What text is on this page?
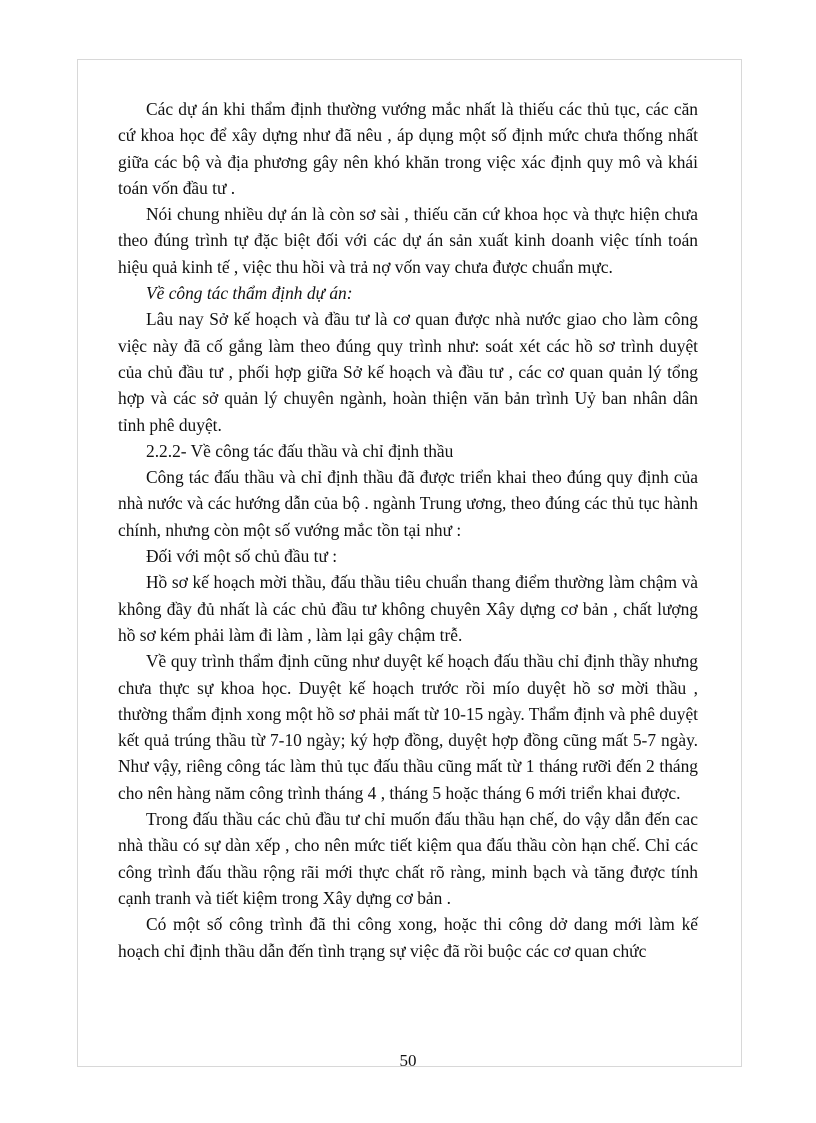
Các dự án khi thẩm định thường vướng mắc nhất là thiếu các thủ tục, các căn cứ khoa học để xây dựng như đã nêu , áp dụng một số định mức chưa thống nhất giữa các bộ và địa phương gây nên khó khăn trong việc xác định quy mô và khái toán vốn đầu tư .

Nói chung nhiều dự án là còn sơ sài , thiếu căn cứ khoa học và thực hiện chưa theo đúng trình tự đặc biệt đối với các dự án sản xuất kinh doanh việc tính toán hiệu quả kinh tế , việc thu hồi và trả nợ vốn vay chưa được chuẩn mực.

Về công tác thẩm định dự án:

Lâu nay Sở kế hoạch và đầu tư là cơ quan được nhà nước giao cho làm công việc này đã cố gắng làm theo đúng quy trình như: soát xét các hồ sơ trình duyệt của chủ đầu tư , phối hợp giữa Sở kế hoạch và đầu tư , các cơ quan quản lý tổng hợp và các sở quản lý chuyên ngành, hoàn thiện văn bản trình Uỷ ban nhân dân tỉnh phê duyệt.

2.2.2- Về công tác đấu thầu và chỉ định thầu

Công tác đấu thầu và chỉ định thầu đã được triển khai theo đúng quy định của nhà nước và các hướng dẫn của bộ . ngành Trung ương, theo đúng các thủ tục hành chính, nhưng còn một số vướng mắc tồn tại như :

Đối với một số chủ đầu tư :

Hồ sơ kế hoạch mời thầu, đấu thầu tiêu chuẩn thang điểm thường làm chậm và không đầy đủ nhất là các chủ đầu tư không chuyên Xây dựng cơ bản , chất lượng hồ sơ kém phải làm đi làm , làm lại gây chậm trễ.

Về quy trình thẩm định cũng như duyệt kế hoạch đấu thầu chỉ định thầy nhưng chưa thực sự khoa học. Duyệt kế hoạch trước rồi mío duyệt hồ sơ mời thầu , thường thẩm định xong một hồ sơ phải mất từ 10-15 ngày. Thẩm định và phê duyệt kết quả trúng thầu từ 7-10 ngày; ký hợp đồng, duyệt hợp đồng cũng mất 5-7 ngày. Như vậy, riêng công tác làm thủ tục đấu thầu cũng mất từ 1 tháng rưỡi đến 2 tháng cho nên hàng năm công trình tháng 4 , tháng 5 hoặc tháng 6 mới triển khai được.

Trong đấu thầu các chủ đầu tư chỉ muốn đấu thầu hạn chế, do vậy dẫn đến cac nhà thầu có sự dàn xếp , cho nên mức tiết kiệm qua đấu thầu còn hạn chế. Chỉ các công trình đấu thầu rộng rãi mới thực chất rõ ràng, minh bạch và tăng được tính cạnh tranh và tiết kiệm trong Xây dựng cơ bản .

Có một số công trình đã thi công xong, hoặc thi công dở dang mới làm kế hoạch chỉ định thầu dẫn đến tình trạng sự việc đã rồi buộc các cơ quan chức

50
